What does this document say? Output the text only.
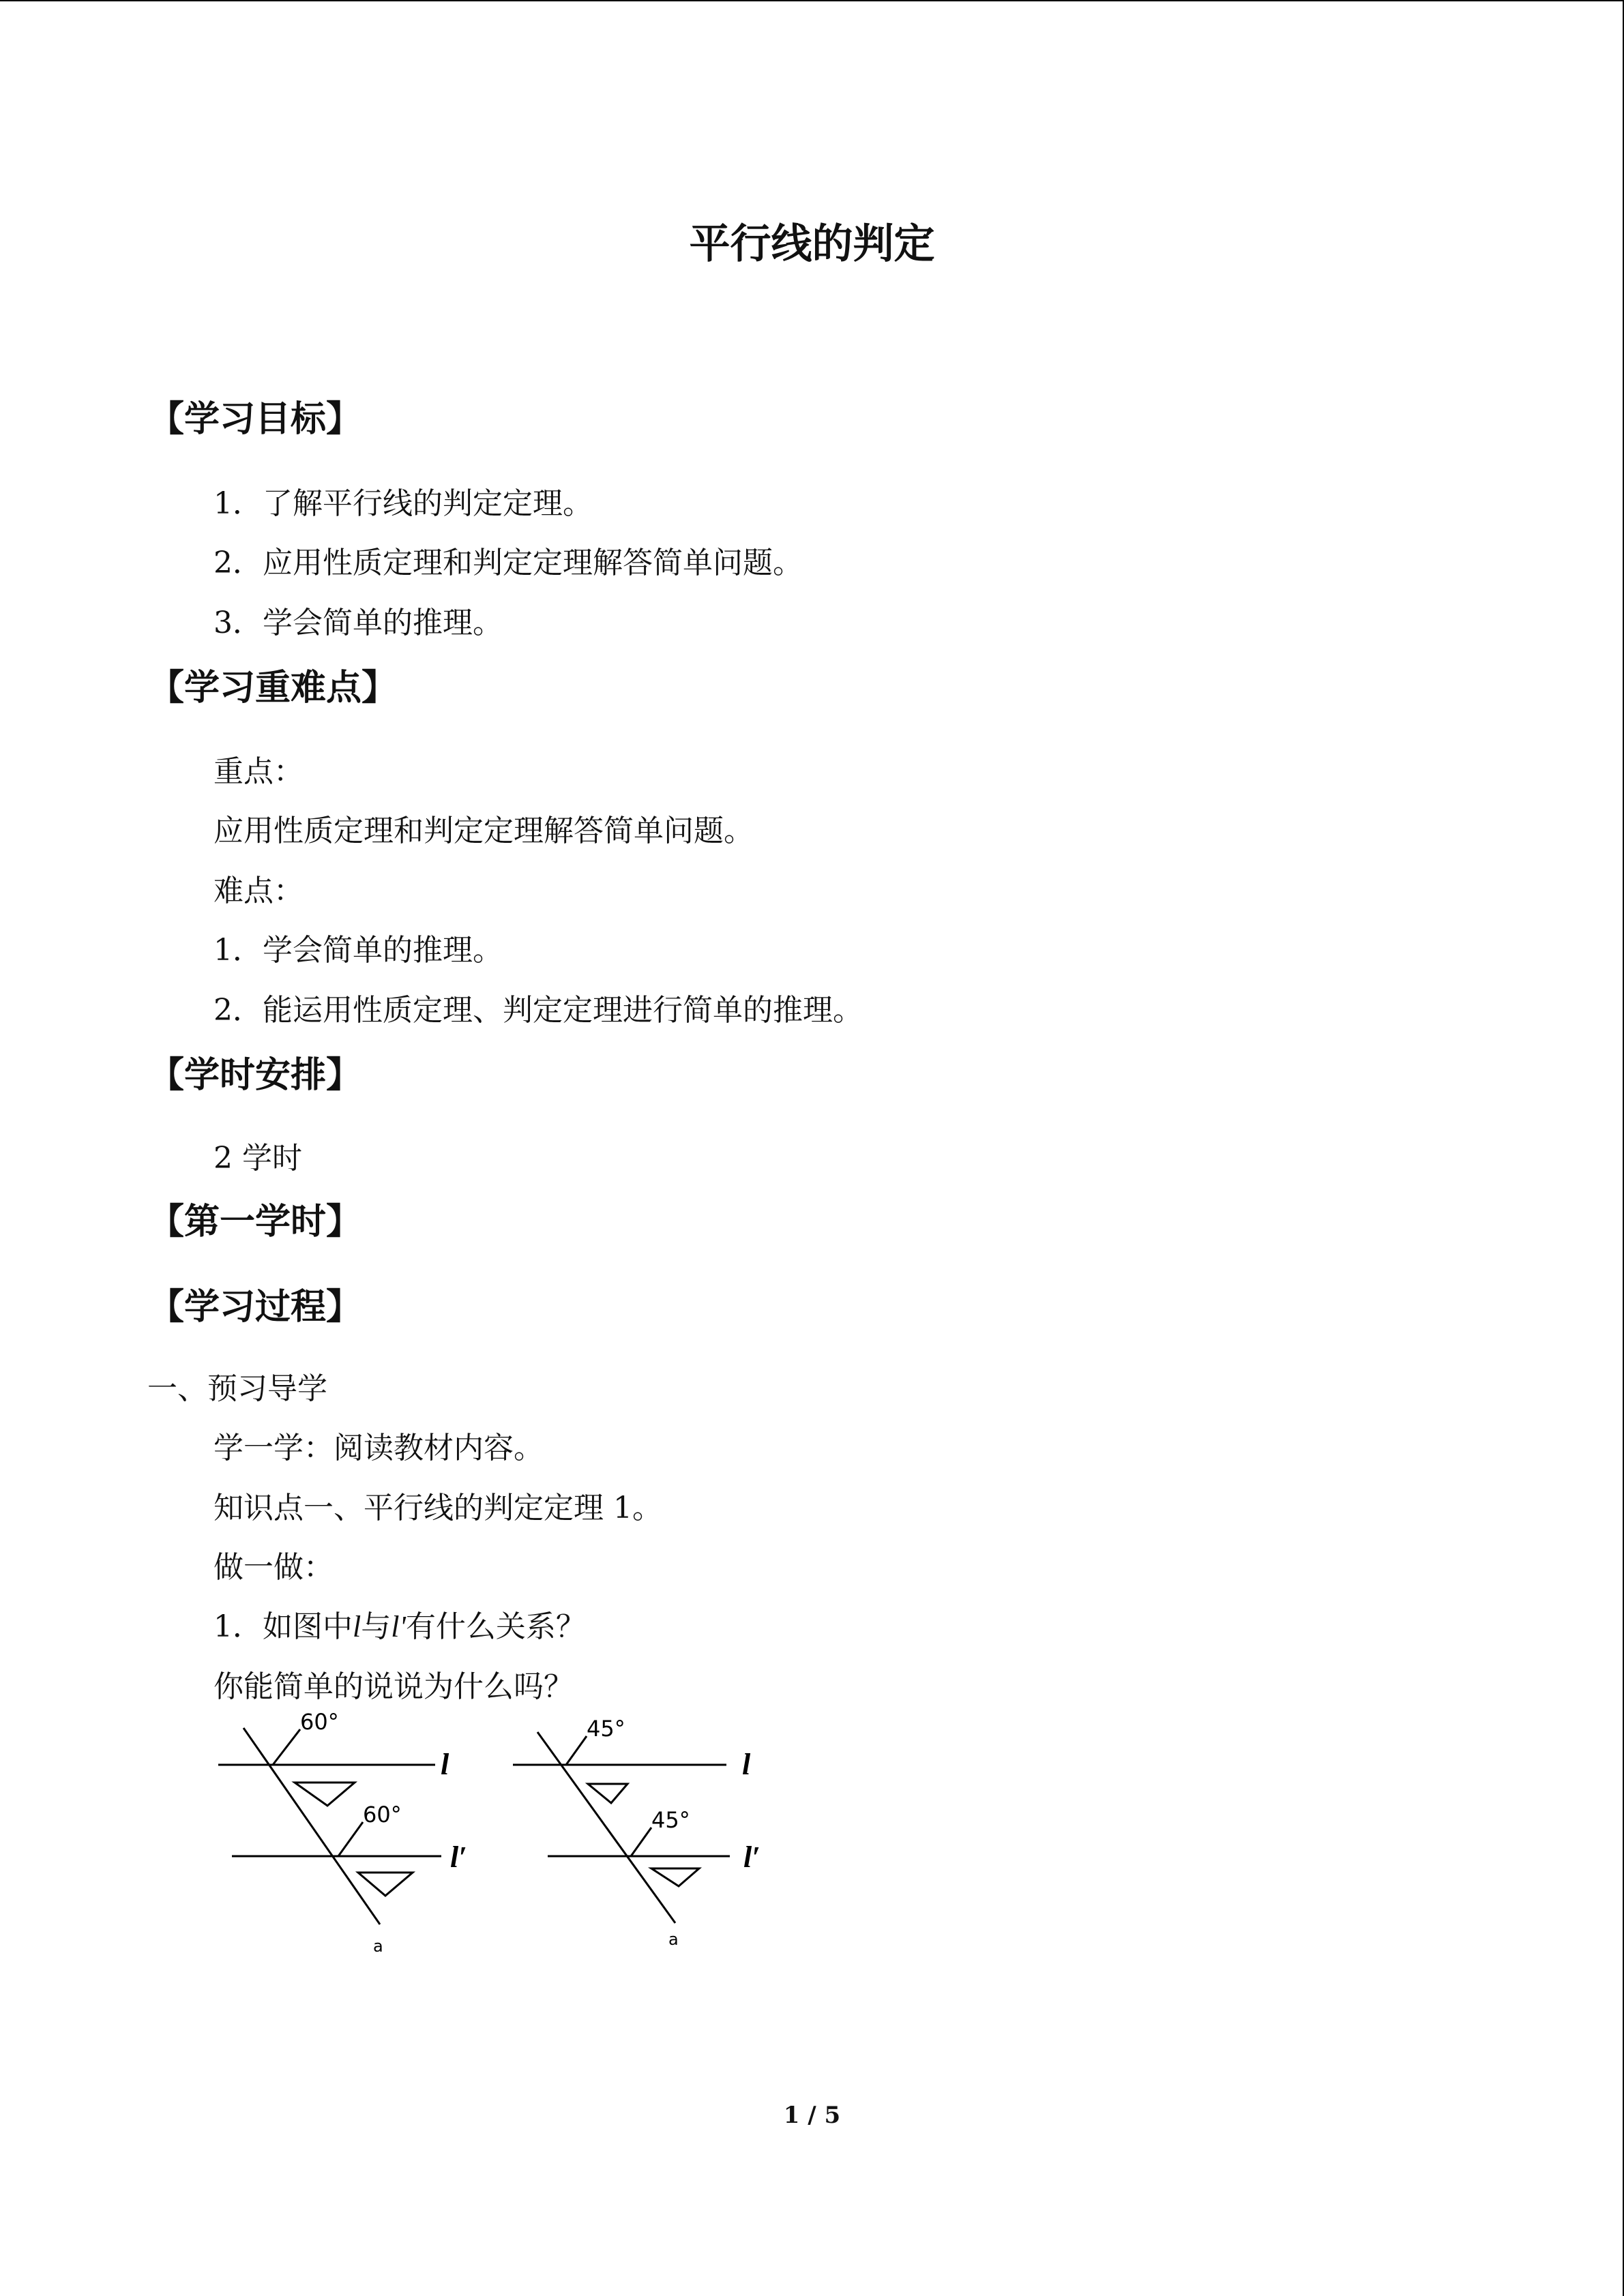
平行线的判定
【学习目标】
1．了解平行线的判定定理。
2．应用性质定理和判定定理解答简单问题。
3．学会简单的推理。
【学习重难点】
重点：
应用性质定理和判定定理解答简单问题。
难点：
1．学会简单的推理。
2．能运用性质定理、判定定理进行简单的推理。
【学时安排】
2 学时
【第一学时】
【学习过程】
一、预习导学
学一学：阅读教材内容。
知识点一、平行线的判定定理 1。
做一做：
1．如图中l与l'有什么关系？
你能简单的说说为什么吗？
60°
60°
45°
45°
a	a
l
l′
l
l′
1 / 5
